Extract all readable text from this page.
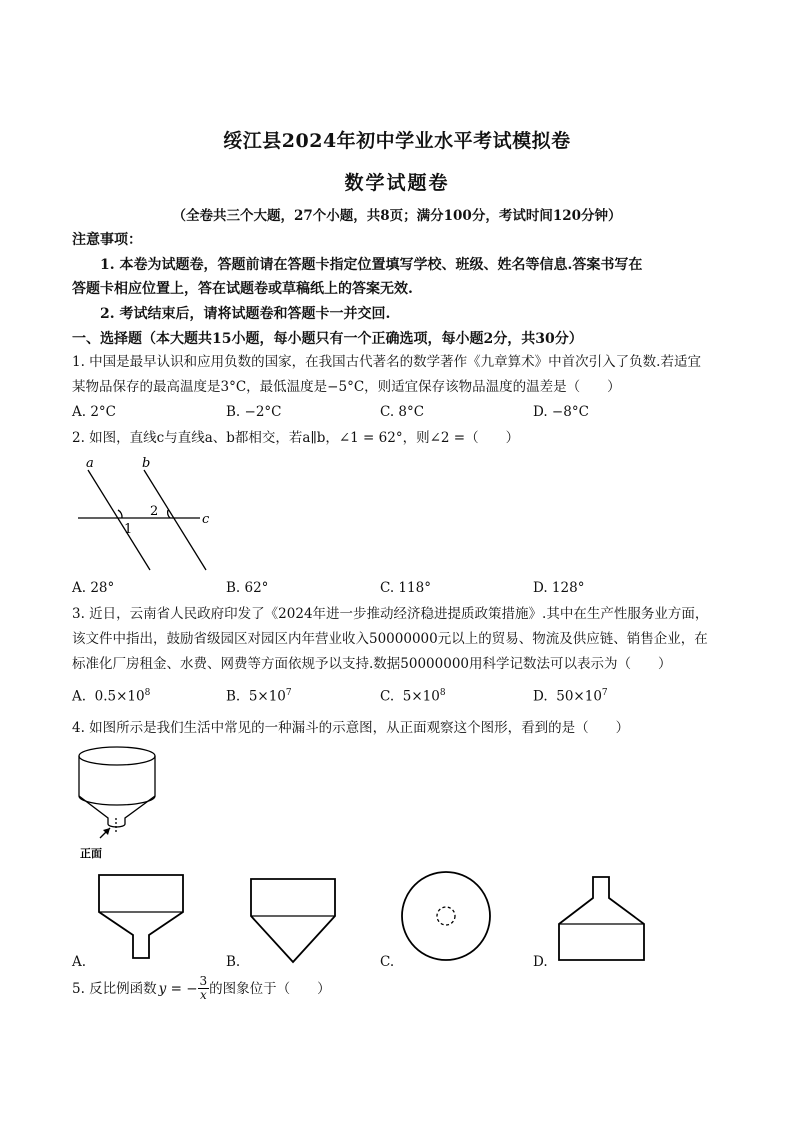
绥江县2024年初中学业水平考试模拟卷
数学试题卷
（全卷共三个大题，27个小题，共8页；满分100分，考试时间120分钟）
注意事项：
1. 本卷为试题卷，答题前请在答题卡指定位置填写学校、班级、姓名等信息.答案书写在
答题卡相应位置上，答在试题卷或草稿纸上的答案无效.
2. 考试结束后，请将试题卷和答题卡一并交回.
一、选择题（本大题共15小题，每小题只有一个正确选项，每小题2分，共30分）
1. 中国是最早认识和应用负数的国家，在我国古代著名的数学著作《九章算术》中首次引入了负数.若适宜
某物品保存的最高温度是3°C，最低温度是−5°C，则适宜保存该物品温度的温差是（　　）
A. 2°C	B. −2°C	C. 8°C	D. −8°C
2. 如图，直线c与直线a、b都相交，若a∥b，∠1 = 62°，则∠2 =（　　）
a	b
c
1
2
A. 28°	B. 62°	C. 118°	D. 128°
3. 近日，云南省人民政府印发了《2024年进一步推动经济稳进提质政策措施》.其中在生产性服务业方面，
该文件中指出，鼓励省级园区对园区内年营业收入50000000元以上的贸易、物流及供应链、销售企业，在
标准化厂房租金、水费、网费等方面依规予以支持.数据50000000用科学记数法可以表示为（　　）
A. $0.5\times 10^8$	B. $5\times 10^7$	C. $5\times 10^8$	D. $50\times 10^7$
4. 如图所示是我们生活中常见的一种漏斗的示意图，从正面观察这个图形，看到的是（　　）
正面
A.	B.	C.	D.
5. 反比例函数 y = − $\frac{3}{x}$ 的图象位于（　　）
